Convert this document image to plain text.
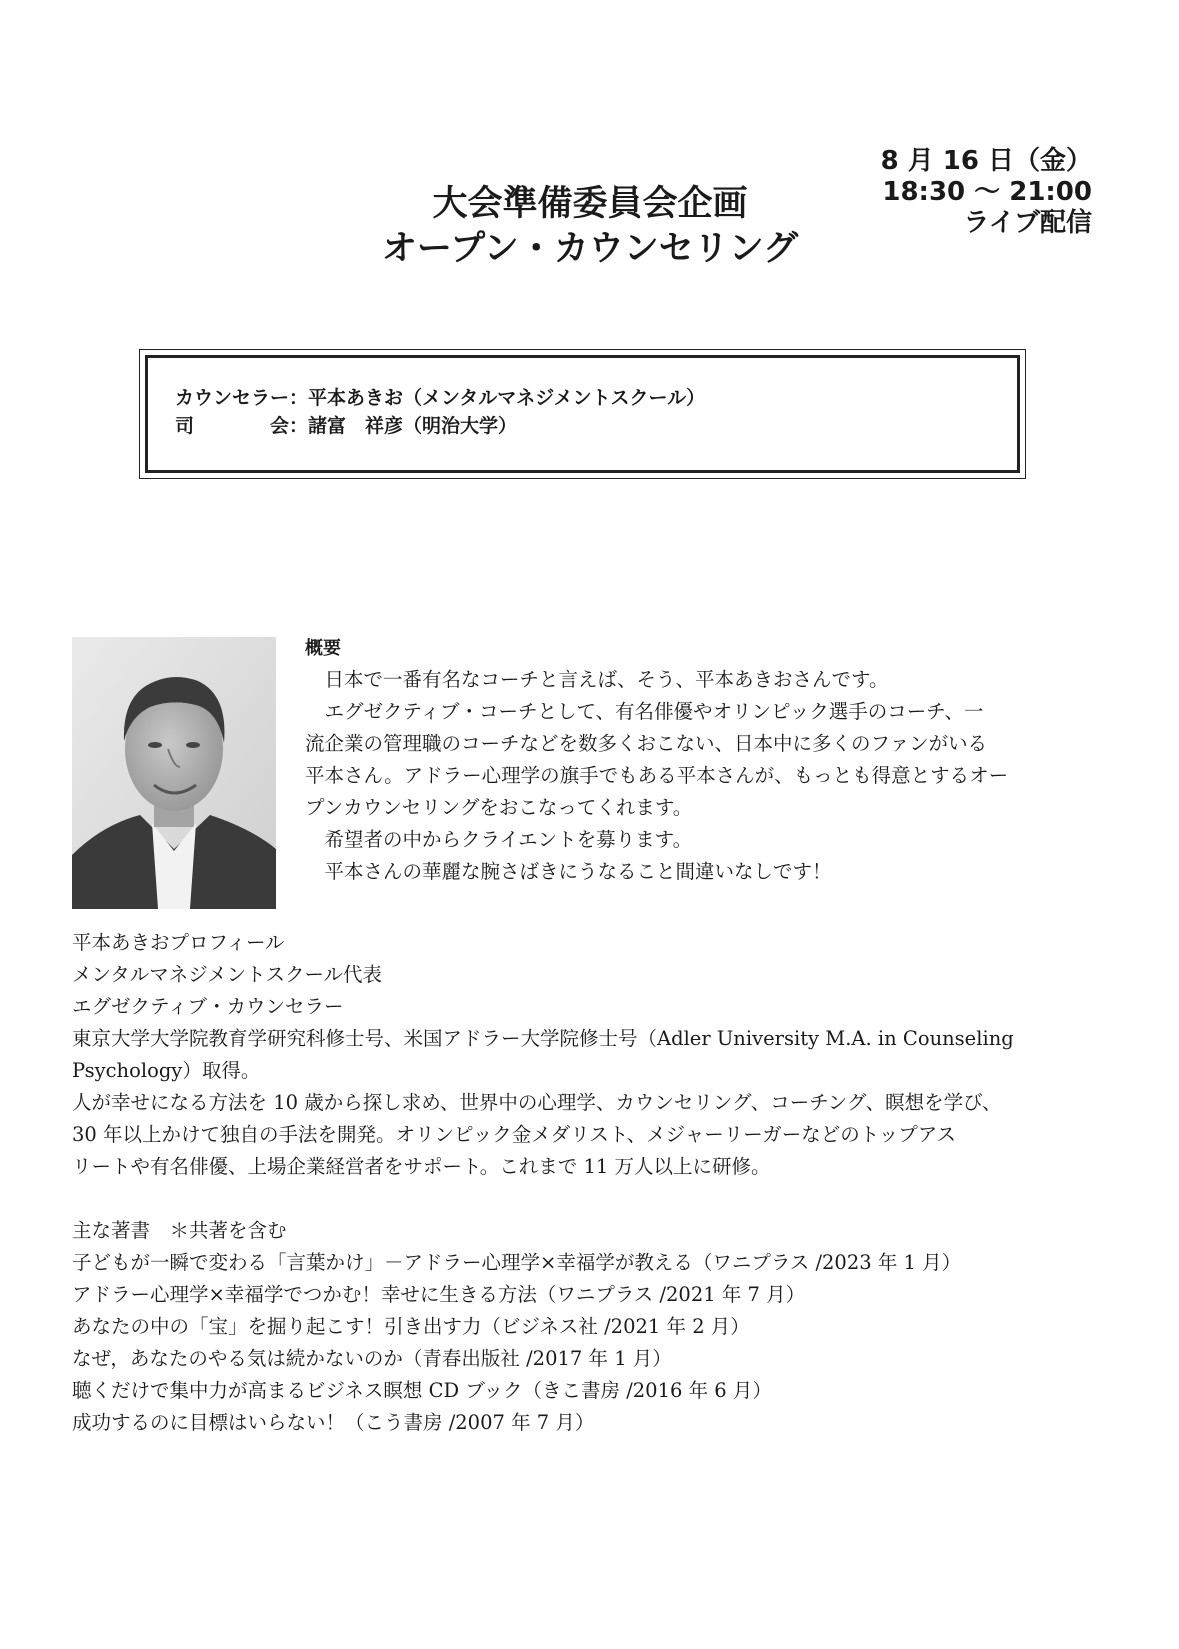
大会準備委員会企画
オープン・カウンセリング
8 月 16 日（金）
18:30 ～ 21:00
ライブ配信
カウンセラー：平本あきお（メンタルマネジメントスクール）
司　　　　会：諸富　祥彦（明治大学）
概要
　日本で一番有名なコーチと言えば、そう、平本あきおさんです。
　エグゼクティブ・コーチとして、有名俳優やオリンピック選手のコーチ、一
流企業の管理職のコーチなどを数多くおこない、日本中に多くのファンがいる
平本さん。アドラー心理学の旗手でもある平本さんが、もっとも得意とするオー
プンカウンセリングをおこなってくれます。
　希望者の中からクライエントを募ります。
　平本さんの華麗な腕さばきにうなること間違いなしです！
平本あきおプロフィール
メンタルマネジメントスクール代表
エグゼクティブ・カウンセラー
東京大学大学院教育学研究科修士号、米国アドラー大学院修士号（Adler University M.A. in Counseling
Psychology）取得。
人が幸せになる方法を 10 歳から探し求め、世界中の心理学、カウンセリング、コーチング、瞑想を学び、
30 年以上かけて独自の手法を開発。オリンピック金メダリスト、メジャーリーガーなどのトップアス
リートや有名俳優、上場企業経営者をサポート。これまで 11 万人以上に研修。
主な著書　＊共著を含む
子どもが一瞬で変わる「言葉かけ」－アドラー心理学×幸福学が教える（ワニプラス /2023 年 1 月）
アドラー心理学×幸福学でつかむ！幸せに生きる方法（ワニプラス /2021 年 7 月）
あなたの中の「宝」を掘り起こす！引き出す力（ビジネス社 /2021 年 2 月）
なぜ，あなたのやる気は続かないのか（青春出版社 /2017 年 1 月）
聴くだけで集中力が高まるビジネス瞑想 CD ブック（きこ書房 /2016 年 6 月）
成功するのに目標はいらない！（こう書房 /2007 年 7 月）
